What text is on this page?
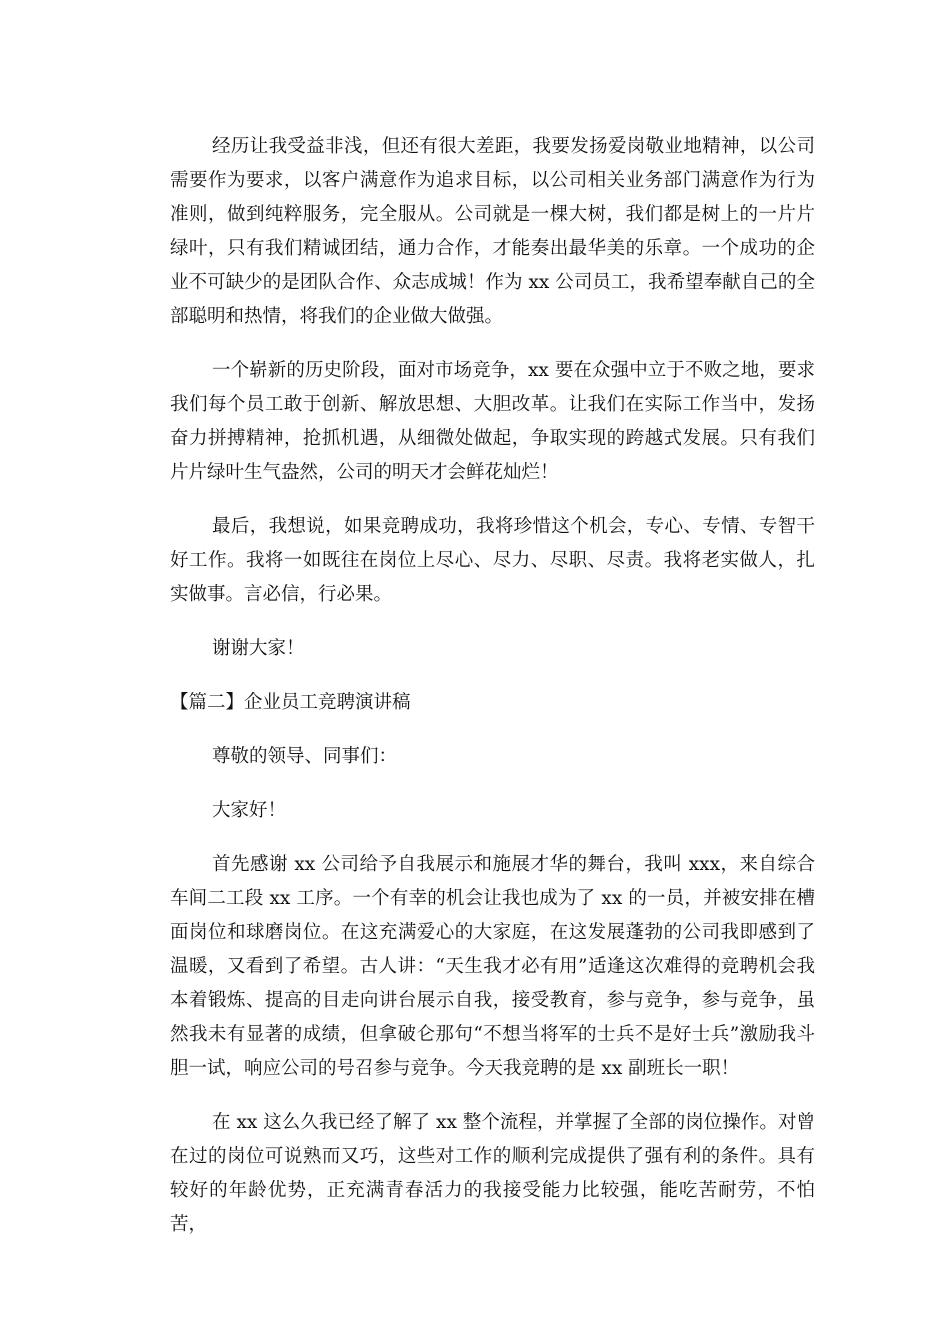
经历让我受益非浅，但还有很大差距，我要发扬爱岗敬业地精神，以公司需要作为要求，以客户满意作为追求目标，以公司相关业务部门满意作为行为准则，做到纯粹服务，完全服从。公司就是一棵大树，我们都是树上的一片片绿叶，只有我们精诚团结，通力合作，才能奏出最华美的乐章。一个成功的企业不可缺少的是团队合作、众志成城！作为 xx 公司员工，我希望奉献自己的全部聪明和热情，将我们的企业做大做强。

一个崭新的历史阶段，面对市场竞争，xx 要在众强中立于不败之地，要求我们每个员工敢于创新、解放思想、大胆改革。让我们在实际工作当中，发扬奋力拼搏精神，抢抓机遇，从细微处做起，争取实现的跨越式发展。只有我们片片绿叶生气盎然，公司的明天才会鲜花灿烂！

最后，我想说，如果竞聘成功，我将珍惜这个机会，专心、专情、专智干好工作。我将一如既往在岗位上尽心、尽力、尽职、尽责。我将老实做人，扎实做事。言必信，行必果。

谢谢大家！

【篇二】企业员工竞聘演讲稿

尊敬的领导、同事们：

大家好！

首先感谢 xx 公司给予自我展示和施展才华的舞台，我叫 xxx，来自综合车间二工段 xx 工序。一个有幸的机会让我也成为了 xx 的一员，并被安排在槽面岗位和球磨岗位。在这充满爱心的大家庭，在这发展蓬勃的公司我即感到了温暖，又看到了希望。古人讲：“天生我才必有用”适逢这次难得的竞聘机会我本着锻炼、提高的目走向讲台展示自我，接受教育，参与竞争，参与竞争，虽然我未有显著的成绩，但拿破仑那句“不想当将军的士兵不是好士兵”激励我斗胆一试，响应公司的号召参与竞争。今天我竞聘的是 xx 副班长一职！

在 xx 这么久我已经了解了 xx 整个流程，并掌握了全部的岗位操作。对曾在过的岗位可说熟而又巧，这些对工作的顺利完成提供了强有利的条件。具有较好的年龄优势，正充满青春活力的我接受能力比较强，能吃苦耐劳，不怕苦，
